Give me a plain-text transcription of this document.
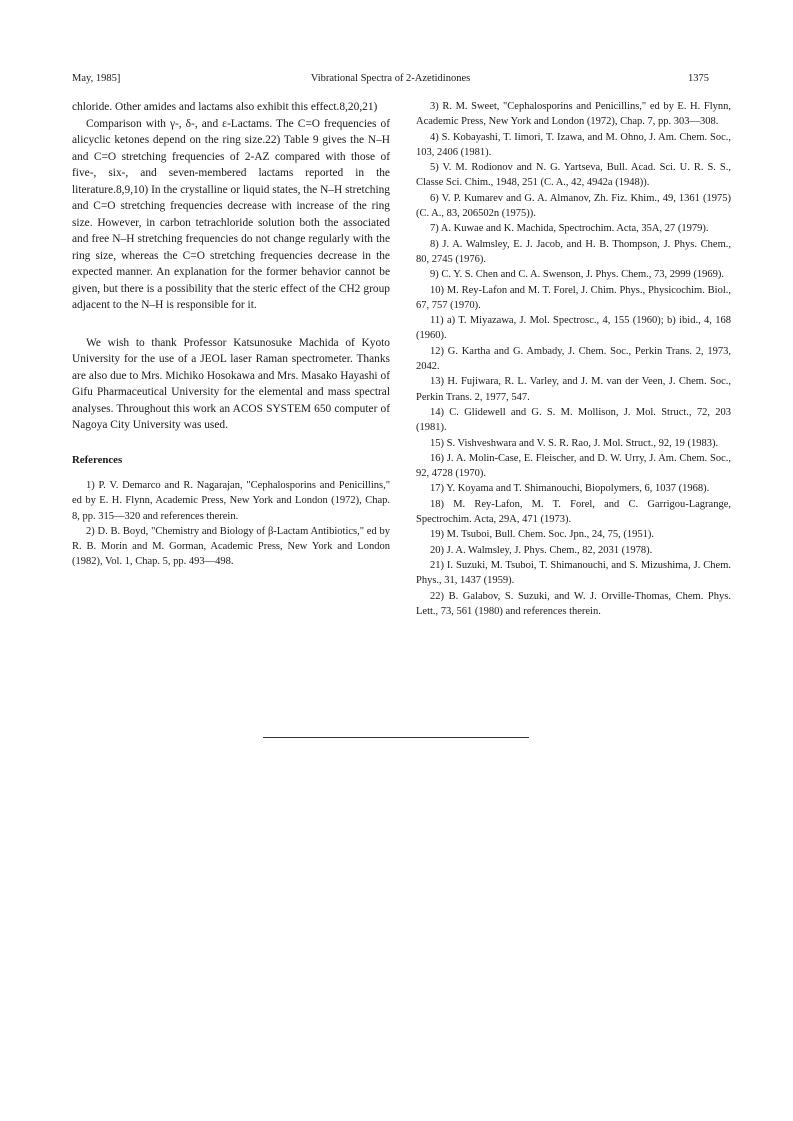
May, 1985]	Vibrational Spectra of 2-Azetidinones	1375

chloride. Other amides and lactams also exhibit this effect.8,20,21)

Comparison with γ-, δ-, and ε-Lactams. The C=O frequencies of alicyclic ketones depend on the ring size.22) Table 9 gives the N–H and C=O stretching frequencies of 2-AZ compared with those of five-, six-, and seven-membered lactams reported in the literature.8,9,10) In the crystalline or liquid states, the N–H stretching and C=O stretching frequencies decrease with increase of the ring size. However, in carbon tetrachloride solution both the associated and free N–H stretching frequencies do not change regularly with the ring size, whereas the C=O stretching frequencies decrease in the expected manner. An explanation for the former behavior cannot be given, but there is a possibility that the steric effect of the CH2 group adjacent to the N–H is responsible for it.

We wish to thank Professor Katsunosuke Machida of Kyoto University for the use of a JEOL laser Raman spectrometer. Thanks are also due to Mrs. Michiko Hosokawa and Mrs. Masako Hayashi of Gifu Pharmaceutical University for the elemental and mass spectral analyses. Throughout this work an ACOS SYSTEM 650 computer of Nagoya City University was used.

References

1) P. V. Demarco and R. Nagarajan, "Cephalosporins and Penicillins," ed by E. H. Flynn, Academic Press, New York and London (1972), Chap. 8, pp. 315—320 and references therein.

2) D. B. Boyd, "Chemistry and Biology of β-Lactam Antibiotics," ed by R. B. Morin and M. Gorman, Academic Press, New York and London (1982), Vol. 1, Chap. 5, pp. 493—498.

3) R. M. Sweet, "Cephalosporins and Penicillins," ed by E. H. Flynn, Academic Press, New York and London (1972), Chap. 7, pp. 303—308.

4) S. Kobayashi, T. Iimori, T. Izawa, and M. Ohno, J. Am. Chem. Soc., 103, 2406 (1981).

5) V. M. Rodionov and N. G. Yartseva, Bull. Acad. Sci. U. R. S. S., Classe Sci. Chim., 1948, 251 (C. A., 42, 4942a (1948)).

6) V. P. Kumarev and G. A. Almanov, Zh. Fiz. Khim., 49, 1361 (1975) (C. A., 83, 206502n (1975)).

7) A. Kuwae and K. Machida, Spectrochim. Acta, 35A, 27 (1979).

8) J. A. Walmsley, E. J. Jacob, and H. B. Thompson, J. Phys. Chem., 80, 2745 (1976).

9) C. Y. S. Chen and C. A. Swenson, J. Phys. Chem., 73, 2999 (1969).

10) M. Rey-Lafon and M. T. Forel, J. Chim. Phys., Physicochim. Biol., 67, 757 (1970).

11) a) T. Miyazawa, J. Mol. Spectrosc., 4, 155 (1960); b) ibid., 4, 168 (1960).

12) G. Kartha and G. Ambady, J. Chem. Soc., Perkin Trans. 2, 1973, 2042.

13) H. Fujiwara, R. L. Varley, and J. M. van der Veen, J. Chem. Soc., Perkin Trans. 2, 1977, 547.

14) C. Glidewell and G. S. M. Mollison, J. Mol. Struct., 72, 203 (1981).

15) S. Vishveshwara and V. S. R. Rao, J. Mol. Struct., 92, 19 (1983).

16) J. A. Molin-Case, E. Fleischer, and D. W. Urry, J. Am. Chem. Soc., 92, 4728 (1970).

17) Y. Koyama and T. Shimanouchi, Biopolymers, 6, 1037 (1968).

18) M. Rey-Lafon, M. T. Forel, and C. Garrigou-Lagrange, Spectrochim. Acta, 29A, 471 (1973).

19) M. Tsuboi, Bull. Chem. Soc. Jpn., 24, 75, (1951).

20) J. A. Walmsley, J. Phys. Chem., 82, 2031 (1978).

21) I. Suzuki, M. Tsuboi, T. Shimanouchi, and S. Mizushima, J. Chem. Phys., 31, 1437 (1959).

22) B. Galabov, S. Suzuki, and W. J. Orville-Thomas, Chem. Phys. Lett., 73, 561 (1980) and references therein.
